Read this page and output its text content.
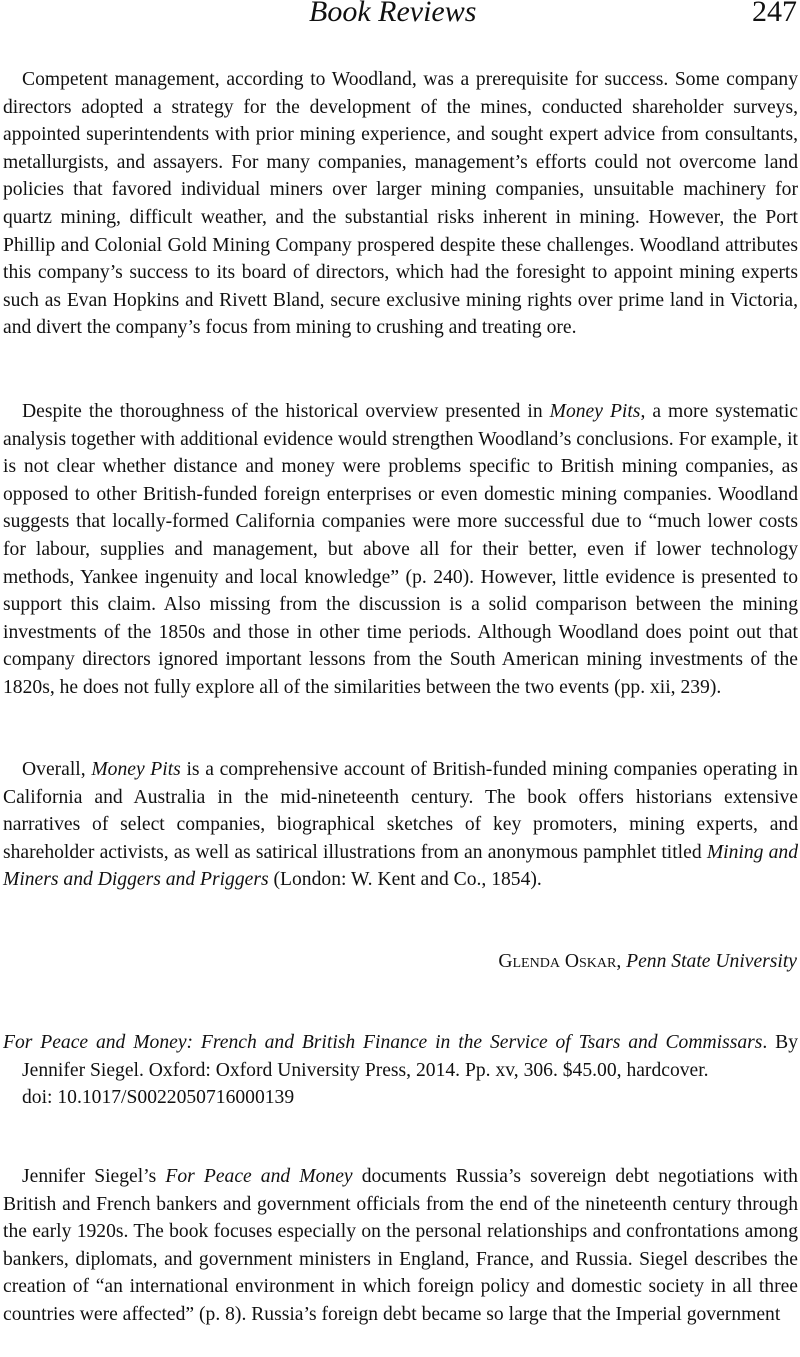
Book Reviews	247

Competent management, according to Woodland, was a prerequisite for success. Some company directors adopted a strategy for the development of the mines, conducted shareholder surveys, appointed superintendents with prior mining experience, and sought expert advice from consultants, metallurgists, and assayers. For many companies, management’s efforts could not overcome land policies that favored individual miners over larger mining companies, unsuitable machinery for quartz mining, difficult weather, and the substantial risks inherent in mining. However, the Port Phillip and Colonial Gold Mining Company prospered despite these challenges. Woodland attributes this company’s success to its board of directors, which had the foresight to appoint mining experts such as Evan Hopkins and Rivett Bland, secure exclusive mining rights over prime land in Victoria, and divert the company’s focus from mining to crushing and treating ore.

Despite the thoroughness of the historical overview presented in Money Pits, a more systematic analysis together with additional evidence would strengthen Woodland’s conclusions. For example, it is not clear whether distance and money were problems specific to British mining companies, as opposed to other British-funded foreign enterprises or even domestic mining companies. Woodland suggests that locally-formed California companies were more successful due to “much lower costs for labour, supplies and management, but above all for their better, even if lower technology methods, Yankee ingenuity and local knowledge” (p. 240). However, little evidence is presented to support this claim. Also missing from the discussion is a solid comparison between the mining investments of the 1850s and those in other time periods. Although Woodland does point out that company directors ignored important lessons from the South American mining investments of the 1820s, he does not fully explore all of the similarities between the two events (pp. xii, 239).

Overall, Money Pits is a comprehensive account of British-funded mining companies operating in California and Australia in the mid-nineteenth century. The book offers historians extensive narratives of select companies, biographical sketches of key promoters, mining experts, and shareholder activists, as well as satirical illustrations from an anonymous pamphlet titled Mining and Miners and Diggers and Priggers (London: W. Kent and Co., 1854).

Glenda Oskar, Penn State University

For Peace and Money: French and British Finance in the Service of Tsars and Commissars. By Jennifer Siegel. Oxford: Oxford University Press, 2014. Pp. xv, 306. $45.00, hardcover.

doi: 10.1017/S0022050716000139

Jennifer Siegel’s For Peace and Money documents Russia’s sovereign debt negotiations with British and French bankers and government officials from the end of the nineteenth century through the early 1920s. The book focuses especially on the personal relationships and confrontations among bankers, diplomats, and government ministers in England, France, and Russia. Siegel describes the creation of “an international environment in which foreign policy and domestic society in all three countries were affected” (p. 8). Russia’s foreign debt became so large that the Imperial government
